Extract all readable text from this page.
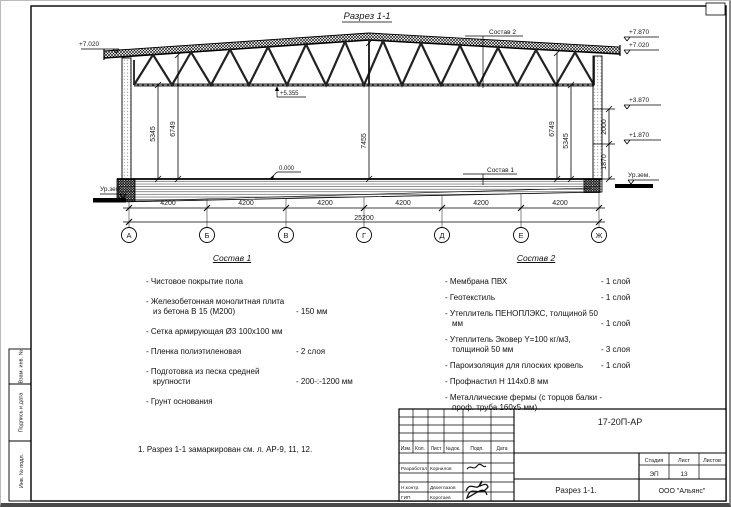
Взам. инв. №
Подпись и дата
Инв. № подл.
Разрез 1-1
5345 6749
7455
6749
5345
2000
1870
+7.020
Ур.зем.
+5.355
0.000
+7.870
+7.020
+3.870
+1.870
Ур.зем.
Состав 2
Состав 1
4200	4200	4200	4200	4200	4200
25200
А	Б	В	Г	Д	Е	Ж
17-20П-АР
Изм. Кол. Лист №док. Подп.	Дата
Разработал Корнилов
Н.контр. Двоеглазов
ГИП	Коротаев
Стадия	Лист Листов
ЭП	13
Разрез 1-1.	ООО "Альянс"
Состав 1
- Чистовое покрытие пола
- Железобетонная монолитная плита из бетона В 15 (М200)	- 150 мм
- Сетка армирующая Ø3 100х100 мм
- Пленка полиэтиленовая	- 2 слоя
- Подготовка из песка средней крупности	- 200-:-1200 мм
- Грунт основания
Состав 2
- Мембрана ПВХ	- 1 слой
- Геотекстиль	- 1 слой
- Утеплитель ПЕНОПЛЭКС, толщиной 50 мм	- 1 слой
- Утеплитель Эковер Y=100 кг/м3, толщиной 50 мм	- 3 слоя
- Пароизоляция для плоских кровель	- 1 слой
- Профнастил Н 114х0.8 мм
- Металлические фермы (с торцов балки - проф. труба 160х5 мм)
1. Разрез 1-1 замаркирован см. л. АР-9, 11, 12.
